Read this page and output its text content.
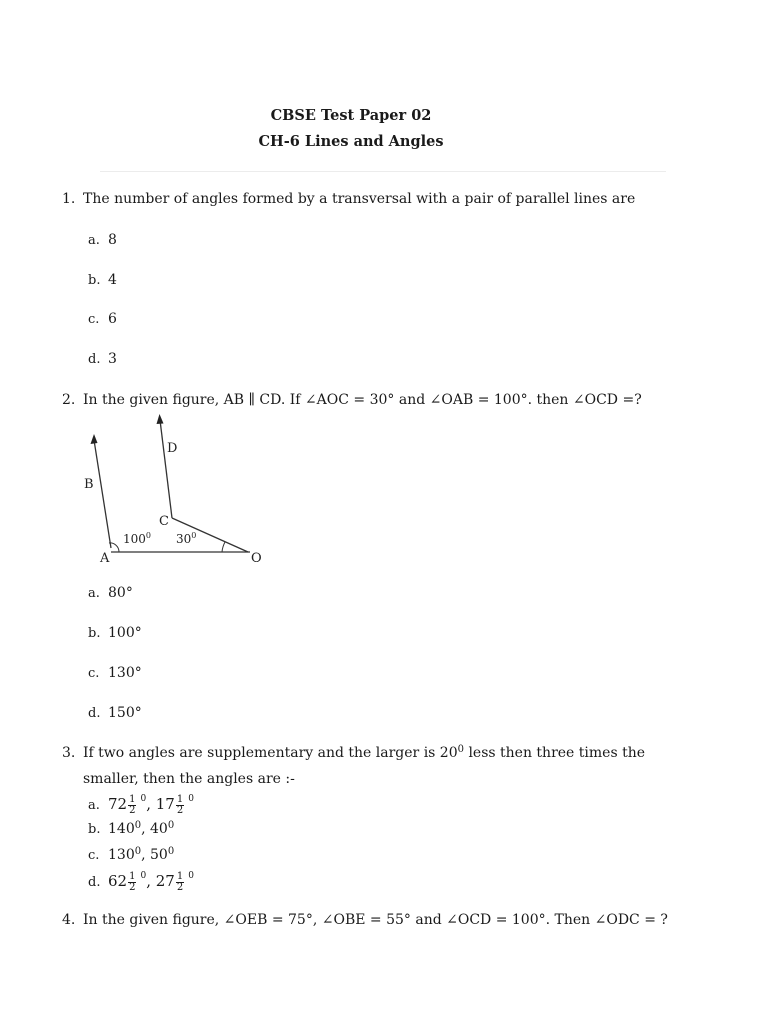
CBSE Test Paper 02
CH-6 Lines and Angles
1. The number of angles formed by a transversal with a pair of parallel lines are
a. 8
b. 4
c. 6
d. 3
2. In the given figure, AB ∥ CD. If ∠AOC = 30° and ∠OAB = 100°. then ∠OCD =?
B
D
C
A	O
$100^0$ $30^0$
a. 80°
b. 100°
c. 130°
d. 150°
3. If two angles are supplementary and the larger is $20^0$ less then three times the
smaller, then the angles are :-
a. $72 \frac{1}{2} ^0$, $17 \frac{1}{2} ^0$
b. $140^0$, $40^0$
c. $130^0$, $50^0$
d. $62 \frac{1}{2} ^0$, $27 \frac{1}{2} ^0$
4. In the given figure, ∠OEB = 75°, ∠OBE = 55° and ∠OCD = 100°. Then ∠ODC = ?
